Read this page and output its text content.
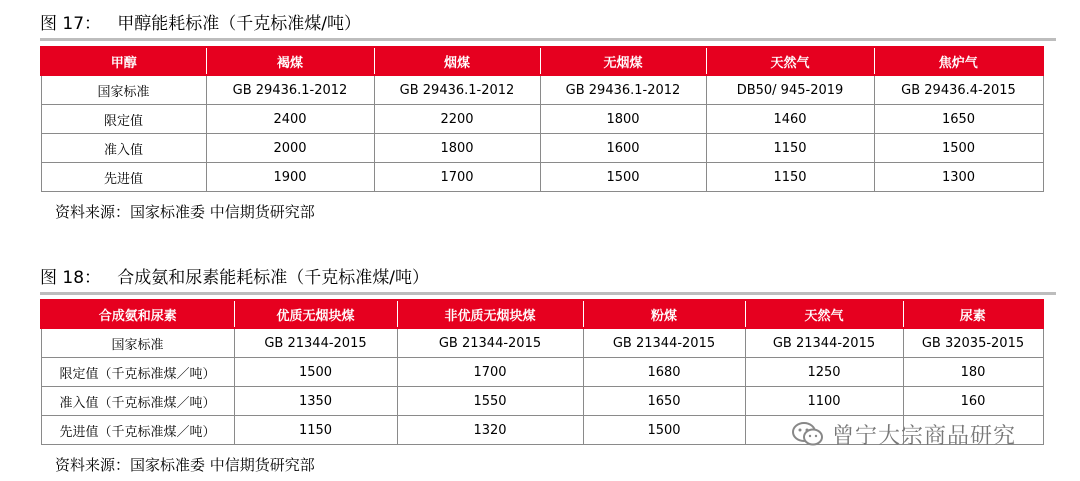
图 17：   甲醇能耗标准（千克标准煤/吨）
甲醇	褐煤	烟煤	无烟煤	天然气	焦炉气
国家标准	GB 29436.1-2012	GB 29436.1-2012	GB 29436.1-2012	DB50/ 945-2019	GB 29436.4-2015
限定值	2400	2200	1800	1460	1650
准入值	2000	1800	1600	1150	1500
先进值	1900	1700	1500	1150	1300
资料来源：国家标准委 中信期货研究部
图 18：   合成氨和尿素能耗标准（千克标准煤/吨）
合成氨和尿素	优质无烟块煤	非优质无烟块煤	粉煤	天然气	尿素
国家标准	GB 21344-2015	GB 21344-2015	GB 21344-2015	GB 21344-2015	GB 32035-2015
限定值（千克标准煤／吨）	1500	1700	1680	1250	180
准入值（千克标准煤／吨）	1350	1550	1650	1100	160
先进值（千克标准煤／吨）	1150	1320	1500		
资料来源：国家标准委 中信期货研究部
曾宁大宗商品研究
